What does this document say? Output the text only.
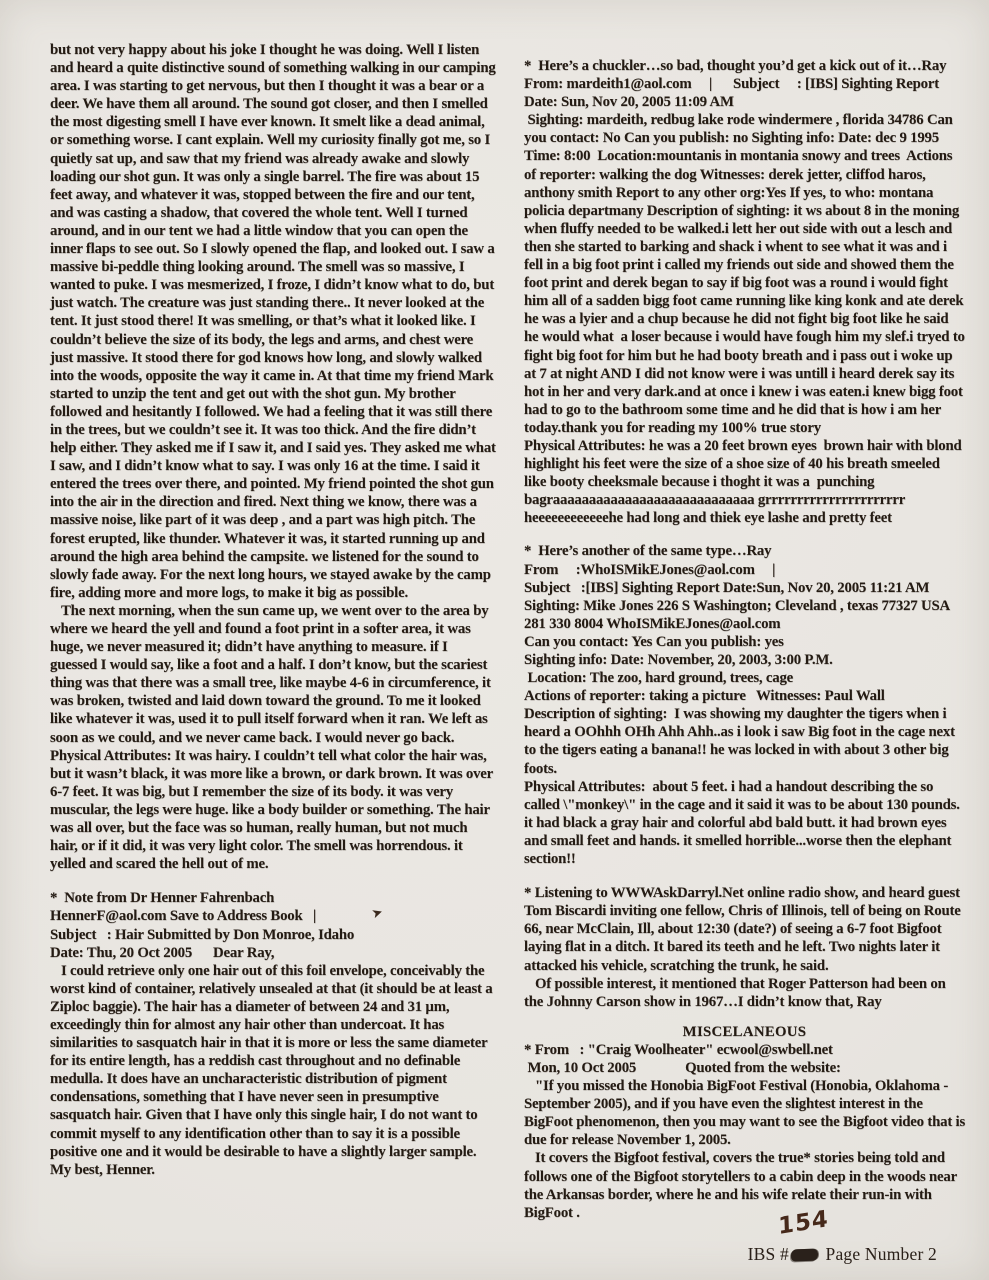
but not very happy about his joke I thought he was doing. Well I listen and heard a quite distinctive sound of something walking in our camping area. I was starting to get nervous, but then I thought it was a bear or a deer. We have them all around. The sound got closer, and then I smelled the most digesting smell I have ever known. It smelt like a dead animal, or something worse. I cant explain. Well my curiosity finally got me, so I quietly sat up, and saw that my friend was already awake and slowly loading our shot gun. It was only a single barrel. The fire was about 15 feet away, and whatever it was, stopped between the fire and our tent, and was casting a shadow, that covered the whole tent. Well I turned around, and in our tent we had a little window that you can open the inner flaps to see out. So I slowly opened the flap, and looked out. I saw a massive bi-peddle thing looking around. The smell was so massive, I wanted to puke. I was mesmerized, I froze, I didn’t know what to do, but just watch. The creature was just standing there.. It never looked at the tent. It just stood there! It was smelling, or that’s what it looked like. I couldn’t believe the size of its body, the legs and arms, and chest were just massive. It stood there for god knows how long, and slowly walked into the woods, opposite the way it came in. At that time my friend Mark started to unzip the tent and get out with the shot gun. My brother followed and hesitantly I followed. We had a feeling that it was still there in the trees, but we couldn’t see it. It was too thick. And the fire didn’t help either. They asked me if I saw it, and I said yes. They asked me what I saw, and I didn’t know what to say. I was only 16 at the time. I said it entered the trees over there, and pointed. My friend pointed the shot gun into the air in the direction and fired. Next thing we know, there was a massive noise, like part of it was deep , and a part was high pitch. The forest erupted, like thunder. Whatever it was, it started running up and around the high area behind the campsite. we listened for the sound to slowly fade away. For the next long hours, we stayed awake by the camp fire, adding more and more logs, to make it big as possible.

The next morning, when the sun came up, we went over to the area by where we heard the yell and found a foot print in a softer area, it was huge, we never measured it; didn’t have anything to measure. if I guessed I would say, like a foot and a half. I don’t know, but the scariest thing was that there was a small tree, like maybe 4-6 in circumference, it was broken, twisted and laid down toward the ground. To me it looked like whatever it was, used it to pull itself forward when it ran. We left as soon as we could, and we never came back. I would never go back.

Physical Attributes: It was hairy. I couldn’t tell what color the hair was, but it wasn’t black, it was more like a brown, or dark brown. It was over 6-7 feet. It was big, but I remember the size of its body. it was very muscular, the legs were huge. like a body builder or something. The hair was all over, but the face was so human, really human, but not much hair, or if it did, it was very light color. The smell was horrendous. it yelled and scared the hell out of me.

*  Note from Dr Henner Fahrenbach

HennerF@aol.com Save to Address Book   |

Subject   : Hair Submitted by Don Monroe, Idaho

Date: Thu, 20 Oct 2005      Dear Ray,

I could retrieve only one hair out of this foil envelope, conceivably the worst kind of container, relatively unsealed at that (it should be at least a Ziploc baggie). The hair has a diameter of between 24 and 31 µm, exceedingly thin for almost any hair other than undercoat. It has similarities to sasquatch hair in that it is more or less the same diameter for its entire length, has a reddish cast throughout and no definable medulla. It does have an uncharacteristic distribution of pigment condensations, something that I have never seen in presumptive sasquatch hair. Given that I have only this single hair, I do not want to commit myself to any identification other than to say it is a possible positive one and it would be desirable to have a slightly larger sample. My best, Henner.

*  Here’s a chuckler…so bad, thought you’d get a kick out of it…Ray    From: mardeith1@aol.com     |      Subject     : [IBS] Sighting Report    Date: Sun, Nov 20, 2005 11:09 AM

Sighting: mardeith, redbug lake rode windermere , florida 34786 Can you contact: No Can you publish: no Sighting info: Date: dec 9 1995 Time: 8:00  Location:mountanis in montania snowy and trees  Actions of reporter: walking the dog Witnesses: derek jetter, cliffod haros, anthony smith Report to any other org:Yes If yes, to who: montana policia departmany Description of sighting: it ws about 8 in the moning when fluffy needed to be walked.i lett her out side with out a lesch and then she started to barking and shack i whent to see what it was and i fell in a big foot print i called my friends out side and showed them the foot print and derek began to say if big foot was a round i would fight him all of a sadden bigg foot came running like king konk and ate derek he was a lyier and a chup because he did not fight big foot like he said he would what  a loser because i would have fough him my slef.i tryed to fight big foot for him but he had booty breath and i pass out i woke up at 7 at night AND I did not know were i was untill i heard derek say its hot in her and very dark.and at once i knew i was eaten.i knew bigg foot had to go to the bathroom some time and he did that is how i am her today.thank you for reading my 100% true story

Physical Attributes: he was a 20 feet brown eyes  brown hair with blond highlight his feet were the size of a shoe size of 40 his breath smeeled like booty cheeksmale because i thoght it was a  punching bagraaaaaaaaaaaaaaaaaaaaaaaaaaaa grrrrrrrrrrrrrrrrrrrrrr heeeeeeeeeeeehe had long and thiek eye lashe and pretty feet

*  Here’s another of the same type…Ray

From     :WhoISMikEJones@aol.com     |

Subject   :[IBS] Sighting Report Date:Sun, Nov 20, 2005 11:21 AM   Sighting: Mike Jones 226 S Washington; Cleveland , texas 77327 USA  281 330 8004 WhoISMikEJones@aol.com

Can you contact: Yes Can you publish: yes

Sighting info: Date: November, 20, 2003, 3:00 P.M.

Location: The zoo, hard ground, trees, cage

Actions of reporter: taking a picture   Witnesses: Paul Wall

Description of sighting:  I was showing my daughter the tigers when i heard a OOhhh OHh Ahh Ahh..as i look i saw Big foot in the cage next to the tigers eating a banana!! he was locked in with about 3 other big foots.

Physical Attributes:  about 5 feet. i had a handout describing the so called \"monkey\" in the cage and it said it was to be about 130 pounds. it had black a gray hair and colorful abd bald butt. it had brown eyes and small feet and hands. it smelled horrible...worse then the elephant section!!

* Listening to WWWAskDarryl.Net online radio show, and heard guest Tom Biscardi inviting one fellow, Chris of Illinois, tell of being on Route 66, near McClain, Ill, about 12:30 (date?) of seeing a 6-7 foot Bigfoot laying flat in a ditch. It bared its teeth and he left. Two nights later it attacked his vehicle, scratching the trunk, he said.

Of possible interest, it mentioned that Roger Patterson had been on the Johnny Carson show in 1967…I didn’t know that, Ray

MISCELANEOUS

* From   : "Craig Woolheater" ecwool@swbell.net

Mon, 10 Oct 2005              Quoted from the website:

"If you missed the Honobia BigFoot Festival (Honobia, Oklahoma - September 2005), and if you have even the slightest interest in the BigFoot phenomenon, then you may want to see the Bigfoot video that is due for release November 1, 2005.

It covers the Bigfoot festival, covers the true* stories being told and follows one of the Bigfoot storytellers to a cabin deep in the woods near the Arkansas border, where he and his wife relate their run-in with BigFoot .

➤
154
IBS # Page Number 2
